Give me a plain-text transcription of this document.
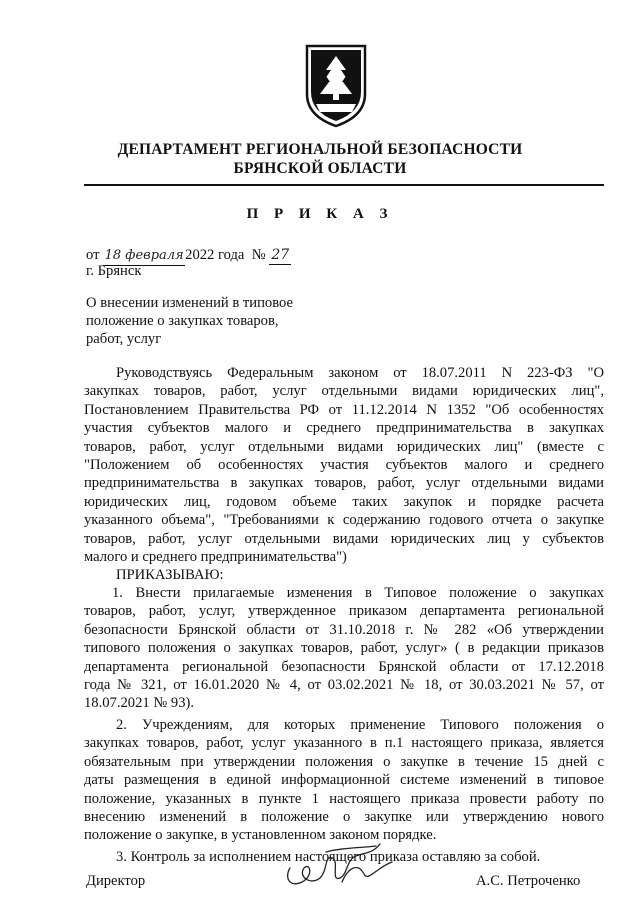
ДЕПАРТАМЕНТ РЕГИОНАЛЬНОЙ БЕЗОПАСНОСТИ
БРЯНСКОЙ ОБЛАСТИ
П Р И К А З
от 18 февраля2022 года № 27
г. Брянск
О внесении изменений в типовое
положение о закупках товаров,
работ, услуг
Руководствуясь Федеральным законом от 18.07.2011 N 223-ФЗ "О
закупках товаров, работ, услуг отдельными видами юридических лиц",
Постановлением Правительства РФ от 11.12.2014 N 1352 "Об особенностях
участия субъектов малого и среднего предпринимательства в закупках
товаров, работ, услуг отдельными видами юридических лиц" (вместе с
"Положением об особенностях участия субъектов малого и среднего
предпринимательства в закупках товаров, работ, услуг отдельными видами
юридических лиц, годовом объеме таких закупок и порядке расчета
указанного объема", "Требованиями к содержанию годового отчета о закупке
товаров, работ, услуг отдельными видами юридических лиц у субъектов
малого и среднего предпринимательства")
ПРИКАЗЫВАЮ:
1. Внести прилагаемые изменения в Типовое положение о закупках
товаров, работ, услуг, утвержденное приказом департамента региональной
безопасности Брянской области от 31.10.2018 г. № 282 «Об утверждении
типового положения о закупках товаров, работ, услуг» ( в редакции приказов
департамента региональной безопасности Брянской области от 17.12.2018
года № 321, от 16.01.2020 № 4, от 03.02.2021 № 18, от 30.03.2021 № 57, от
18.07.2021 № 93).
2. Учреждениям, для которых применение Типового положения о
закупках товаров, работ, услуг указанного в п.1 настоящего приказа, является
обязательным при утверждении положения о закупке в течение 15 дней с
даты размещения в единой информационной системе изменений в типовое
положение, указанных в пункте 1 настоящего приказа провести работу по
внесению изменений в положение о закупке или утверждению нового
положение о закупке, в установленном законом порядке.
3. Контроль за исполнением настоящего приказа оставляю за собой.
Директор	А.С. Петроченко
